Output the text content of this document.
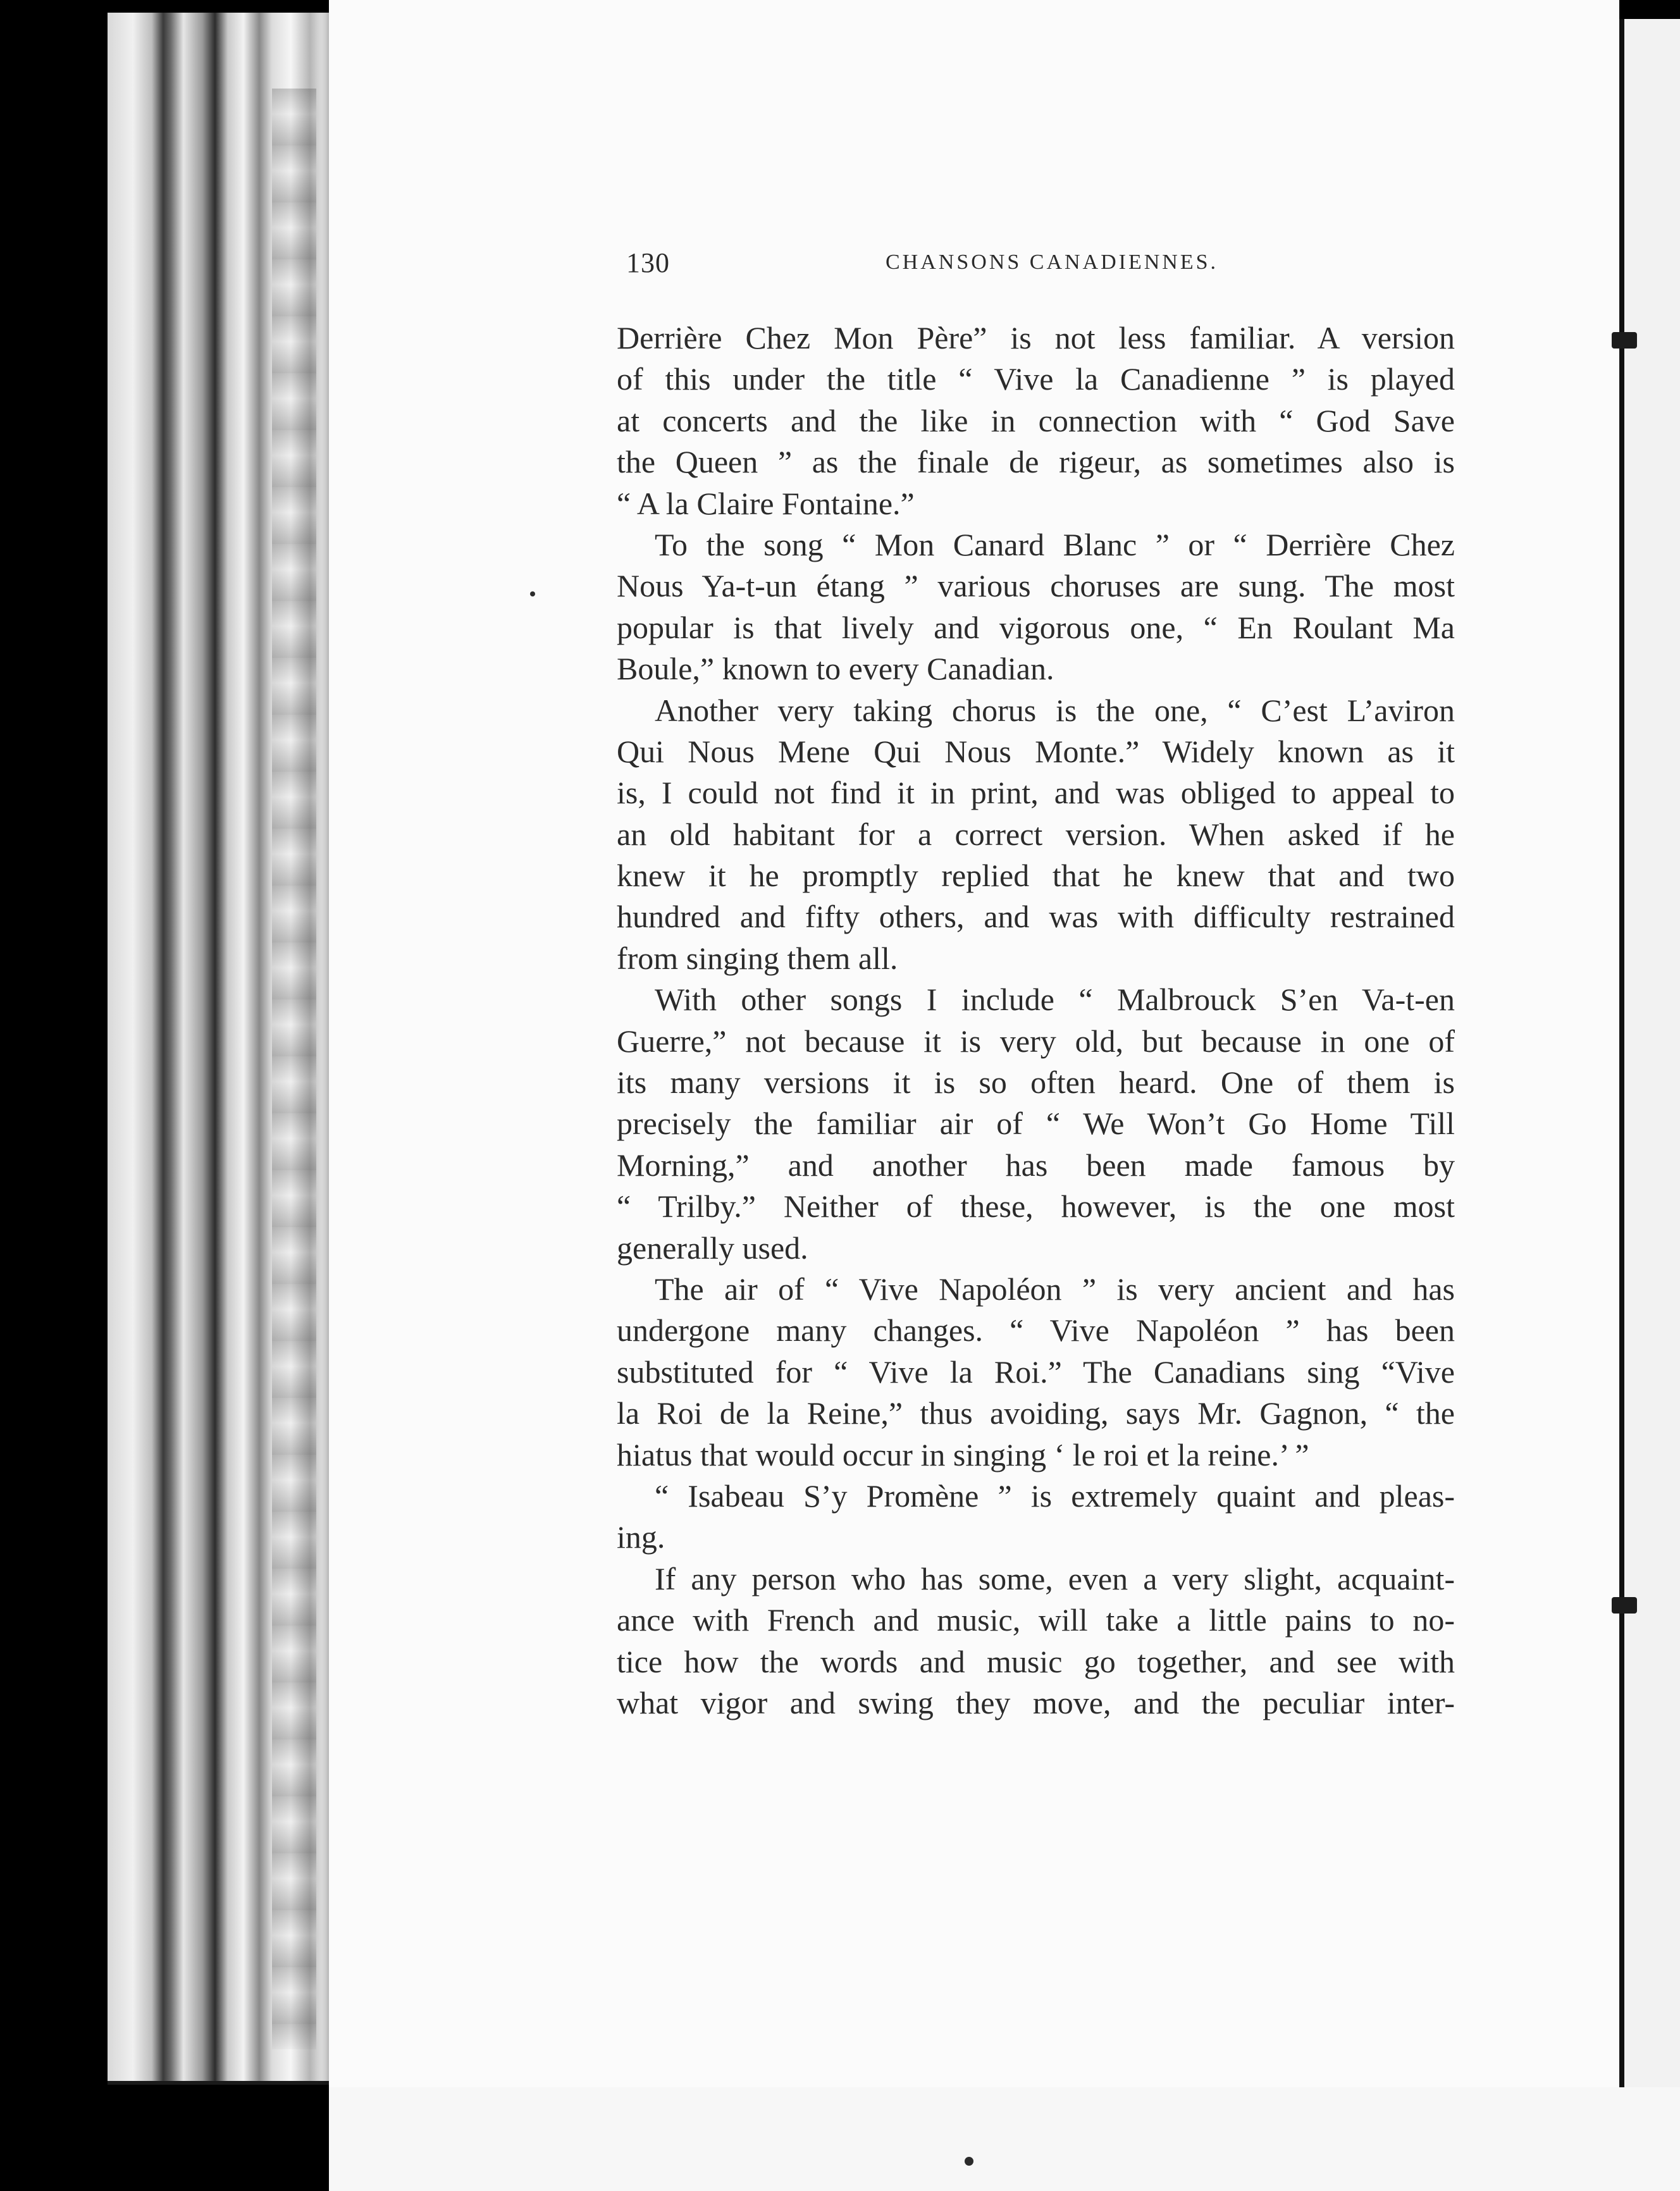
130	CHANSONS CANADIENNES.
Derrière Chez Mon Père” is not less familiar. A version
of this under the title “ Vive la Canadienne ” is played
at concerts and the like in connection with “ God Save
the Queen ” as the finale de rigeur, as sometimes also is
“ A la Claire Fontaine.”
To the song “ Mon Canard Blanc ” or “ Derrière Chez
Nous Ya-t-un étang ” various choruses are sung. The most
popular is that lively and vigorous one, “ En Roulant Ma
Boule,” known to every Canadian.
Another very taking chorus is the one, “ C’est L’aviron
Qui Nous Mene Qui Nous Monte.” Widely known as it
is, I could not find it in print, and was obliged to appeal to
an old habitant for a correct version. When asked if he
knew it he promptly replied that he knew that and two
hundred and fifty others, and was with difficulty restrained
from singing them all.
With other songs I include “ Malbrouck S’en Va-t-en
Guerre,” not because it is very old, but because in one of
its many versions it is so often heard. One of them is
precisely the familiar air of “ We Won’t Go Home Till
Morning,” and another has been made famous by
“ Trilby.” Neither of these, however, is the one most
generally used.
The air of “ Vive Napoléon ” is very ancient and has
undergone many changes. “ Vive Napoléon ” has been
substituted for “ Vive la Roi.” The Canadians sing “Vive
la Roi de la Reine,” thus avoiding, says Mr. Gagnon, “ the
hiatus that would occur in singing ‘ le roi et la reine.’ ”
“ Isabeau S’y Promène ” is extremely quaint and pleas-
ing.
If any person who has some, even a very slight, acquaint-
ance with French and music, will take a little pains to no-
tice how the words and music go together, and see with
what vigor and swing they move, and the peculiar inter-
